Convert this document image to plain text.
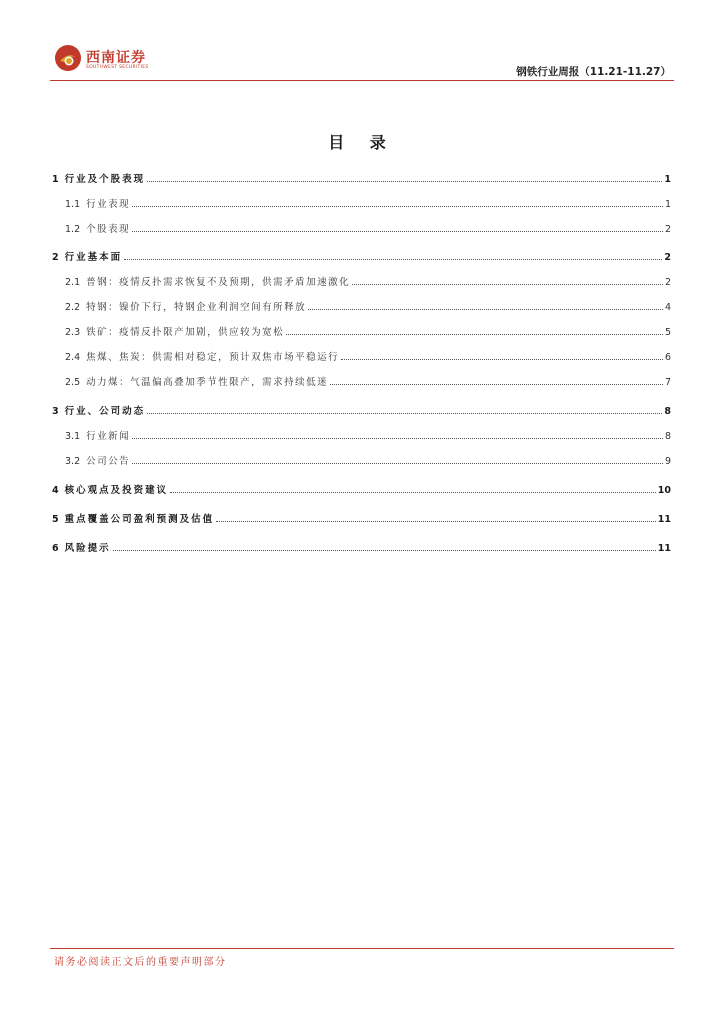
西南证券
SOUTHWEST SECURITIES	钢铁行业周报（11.21-11.27）
目 录
1 行业及个股表现	1
1.1 行业表现	1
1.2 个股表现	2
2 行业基本面	2
2.1 普钢：疫情反扑需求恢复不及预期，供需矛盾加速激化	2
2.2 特钢：镍价下行，特钢企业利润空间有所释放	4
2.3 铁矿：疫情反扑限产加剧，供应较为宽松	5
2.4 焦煤、焦炭：供需相对稳定，预计双焦市场平稳运行	6
2.5 动力煤：气温偏高叠加季节性限产，需求持续低迷	7
3 行业、公司动态	8
3.1 行业新闻	8
3.2 公司公告	9
4 核心观点及投资建议	10
5 重点覆盖公司盈利预测及估值	11
6 风险提示	11
请务必阅读正文后的重要声明部分
